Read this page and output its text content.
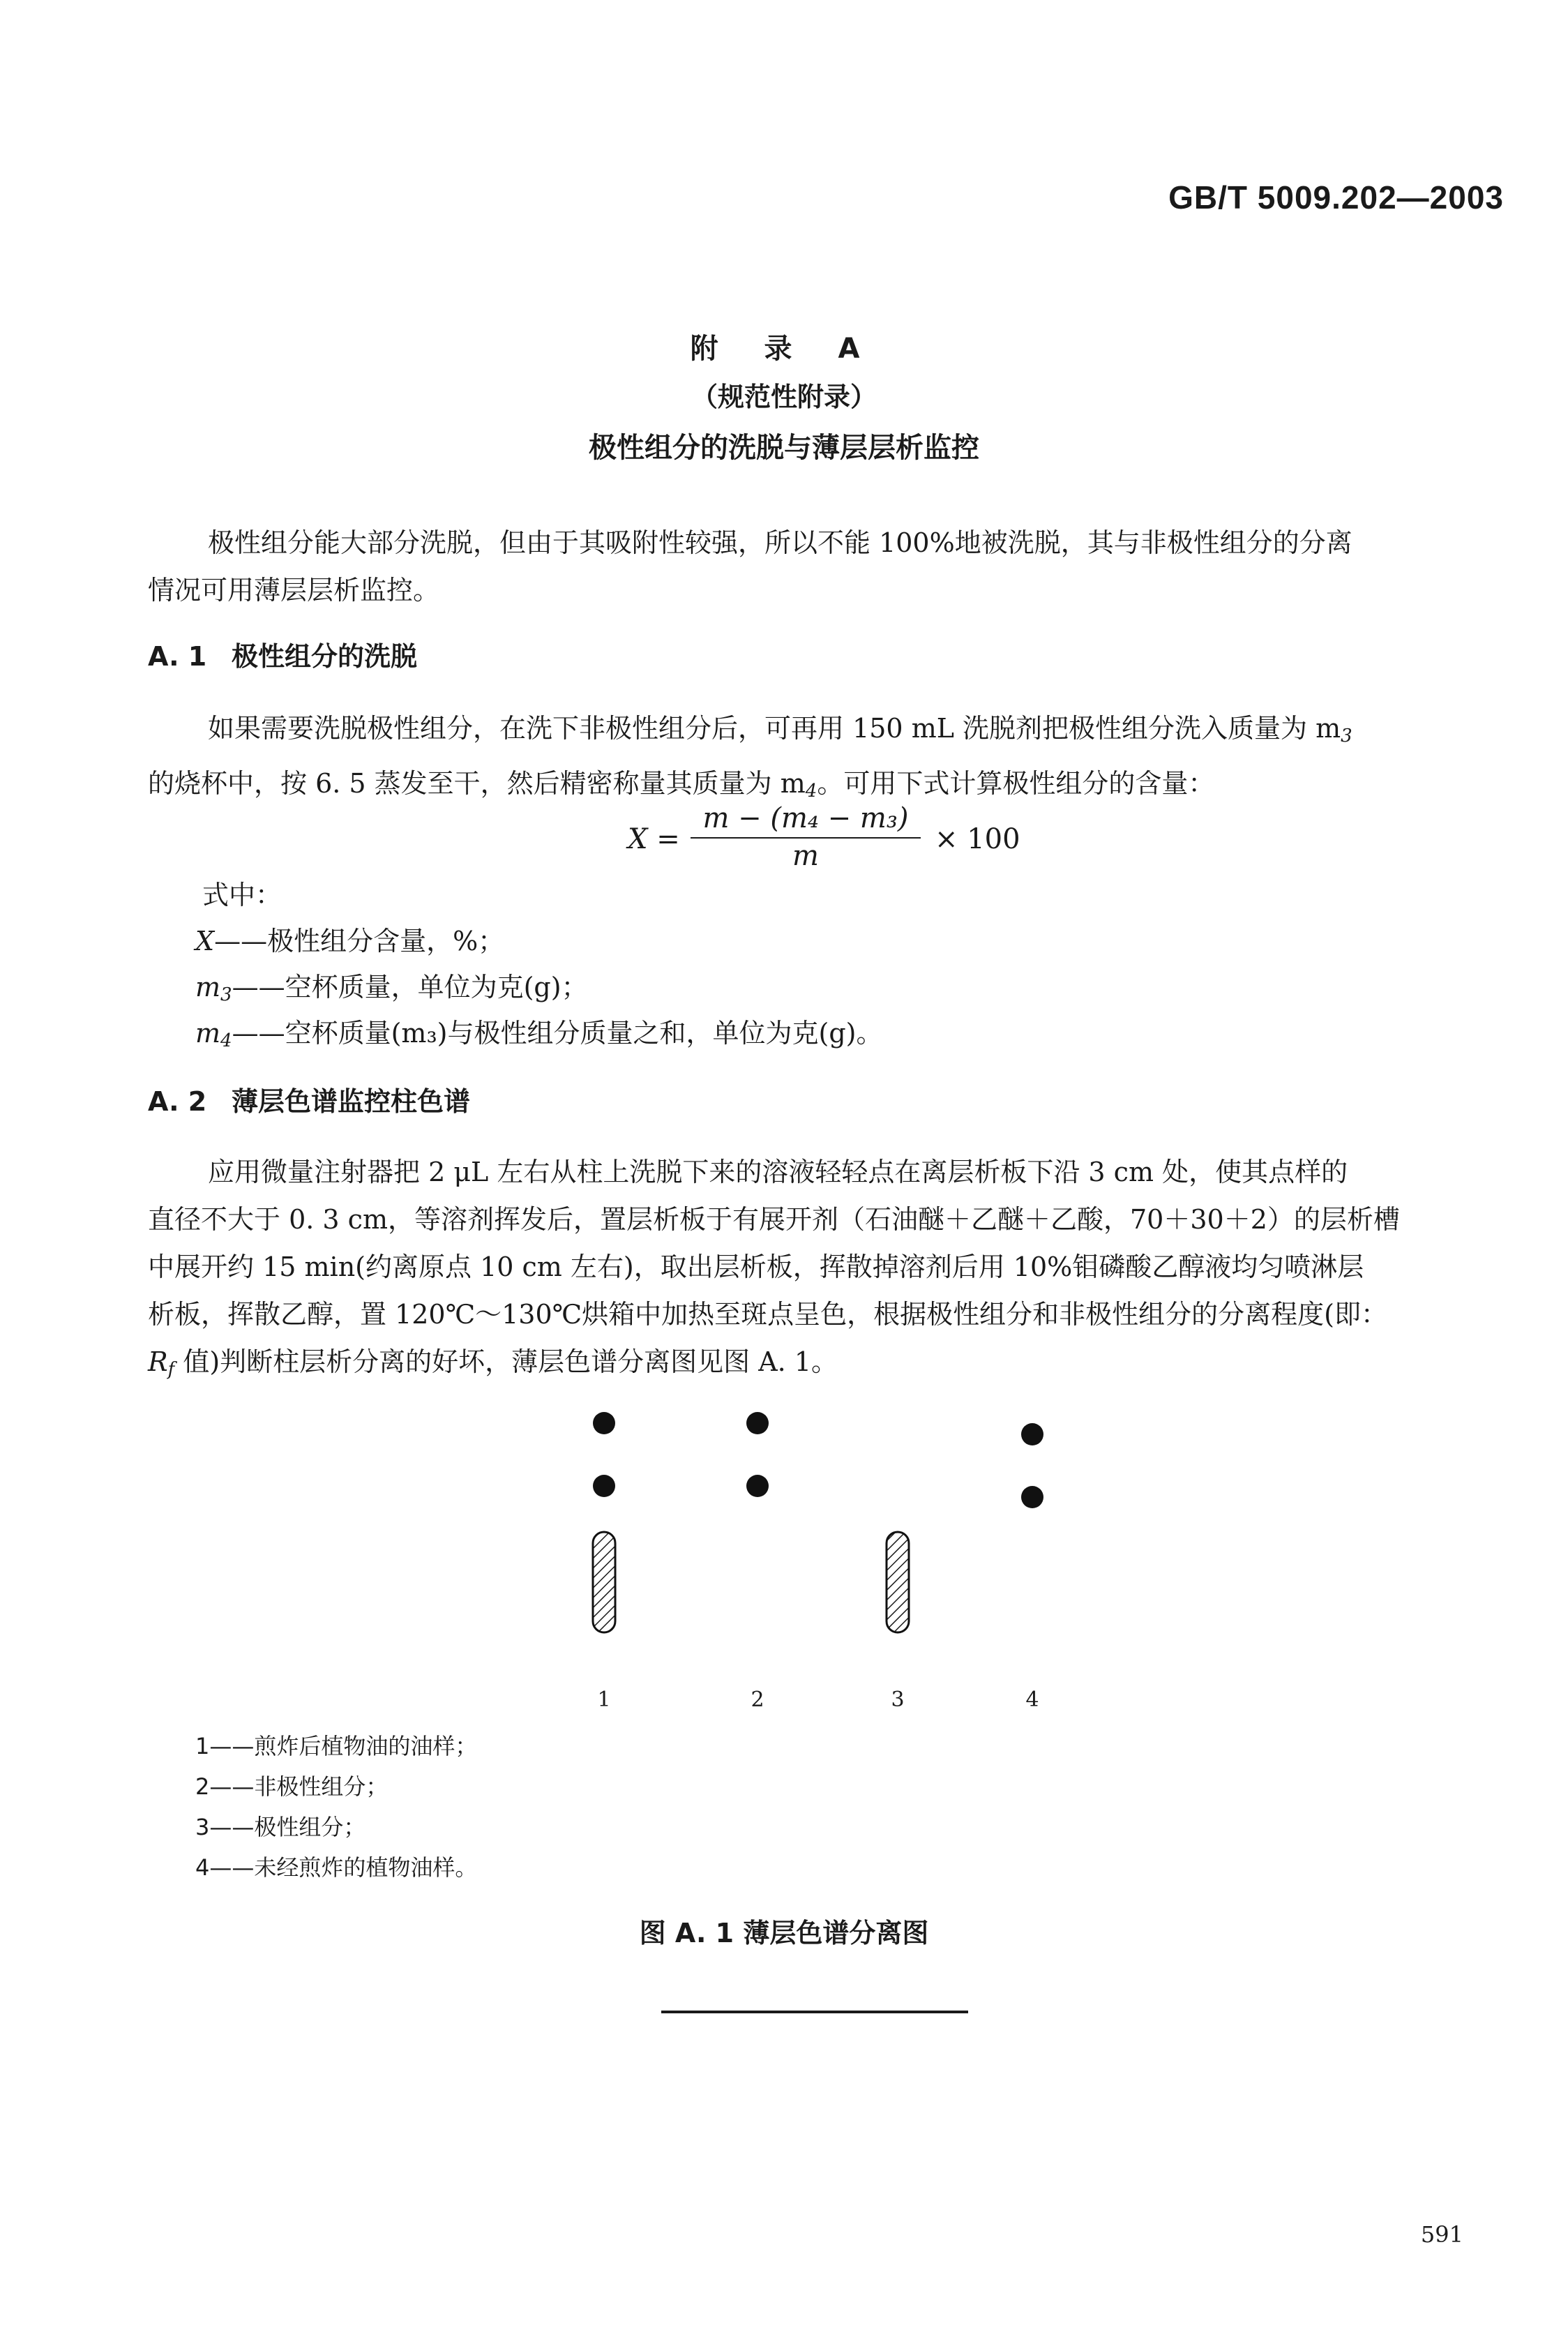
GB/T 5009.202—2003
附 录 A
（规范性附录）
极性组分的洗脱与薄层层析监控

极性组分能大部分洗脱，但由于其吸附性较强，所以不能 100%地被洗脱，其与非极性组分的分离

情况可用薄层层析监控。
A. 1 极性组分的洗脱

如果需要洗脱极性组分，在洗下非极性组分后，可再用 150 mL 洗脱剂把极性组分洗入质量为 $m_3$

的烧杯中，按 6. 5 蒸发至干，然后精密称量其质量为 $m_4$。可用下式计算极性组分的含量：
$X = \frac{\text{m − (m₄ − m₃)}}{m} \times 100$
式中：
X——极性组分含量，%；
$m_3——$空杯质量，单位为克(g)；
$m_4——$空杯质量(m₃)与极性组分质量之和，单位为克(g)。
A. 2 薄层色谱监控柱色谱

应用微量注射器把 2 μL 左右从柱上洗脱下来的溶液轻轻点在离层析板下沿 3 cm 处，使其点样的

直径不大于 0. 3 cm，等溶剂挥发后，置层析板于有展开剂（石油醚＋乙醚＋乙酸，70＋30＋2）的层析槽
中展开约 15 min(约离原点 10 cm 左右)，取出层析板，挥散掉溶剂后用 10%钼磷酸乙醇液均匀喷淋层
析板，挥散乙醇，置 120℃～130℃烘箱中加热至斑点呈色，根据极性组分和非极性组分的分离程度(即：
$R_f$ 值)判断柱层析分离的好坏，薄层色谱分离图见图 A. 1。
1	2	3	4
1——煎炸后植物油的油样；
2——非极性组分；
3——极性组分；
4——未经煎炸的植物油样。
图 A. 1 薄层色谱分离图
591
